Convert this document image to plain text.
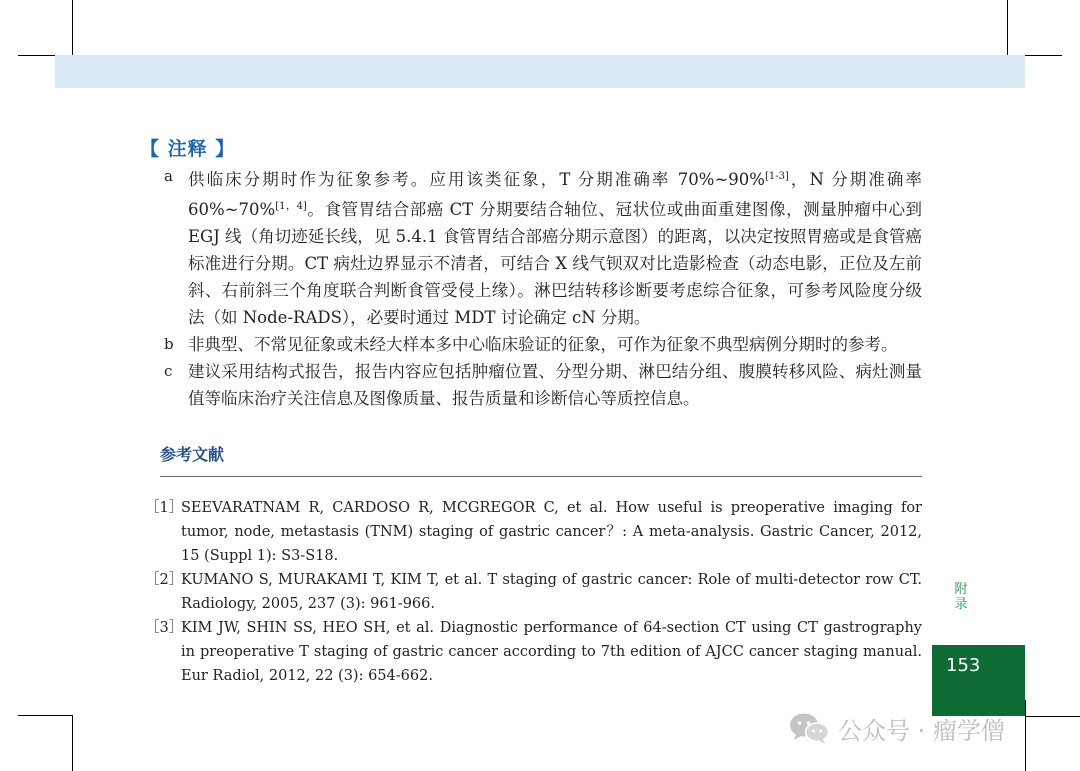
【 注释 】
a 供临床分期时作为征象参考。应用该类征象，T 分期准确率 70%~90%[1-3]，N 分期准确率 60%~70%[1，4]。食管胃结合部癌 CT 分期要结合轴位、冠状位或曲面重建图像，测量肿瘤中心到 EGJ 线（角切迹延长线，见 5.4.1 食管胃结合部癌分期示意图）的距离，以决定按照胃癌或是食管癌标准进行分期。CT 病灶边界显示不清者，可结合 X 线气钡双对比造影检查（动态电影，正位及左前斜、右前斜三个角度联合判断食管受侵上缘）。淋巴结转移诊断要考虑综合征象，可参考风险度分级法（如 Node-RADS），必要时通过 MDT 讨论确定 cN 分期。
b 非典型、不常见征象或未经大样本多中心临床验证的征象，可作为征象不典型病例分期时的参考。
c 建议采用结构式报告，报告内容应包括肿瘤位置、分型分期、淋巴结分组、腹膜转移风险、病灶测量值等临床治疗关注信息及图像质量、报告质量和诊断信心等质控信息。
参考文献
［1］
SEEVARATNAM R, CARDOSO R, MCGREGOR C, et al. How useful is preoperative imaging for tumor, node, metastasis (TNM) staging of gastric cancer？: A meta-analysis. Gastric Cancer, 2012, 15 (Suppl 1): S3-S18.
［2］
KUMANO S, MURAKAMI T, KIM T, et al. T staging of gastric cancer: Role of multi-detector row CT. Radiology, 2005, 237 (3): 961-966.
［3］
KIM JW, SHIN SS, HEO SH, et al. Diagnostic performance of 64-section CT using CT gastrography in preoperative T staging of gastric cancer according to 7th edition of AJCC cancer staging manual. Eur Radiol, 2012, 22 (3): 654-662.
附
录
153
公众号 · 瘤学僧
